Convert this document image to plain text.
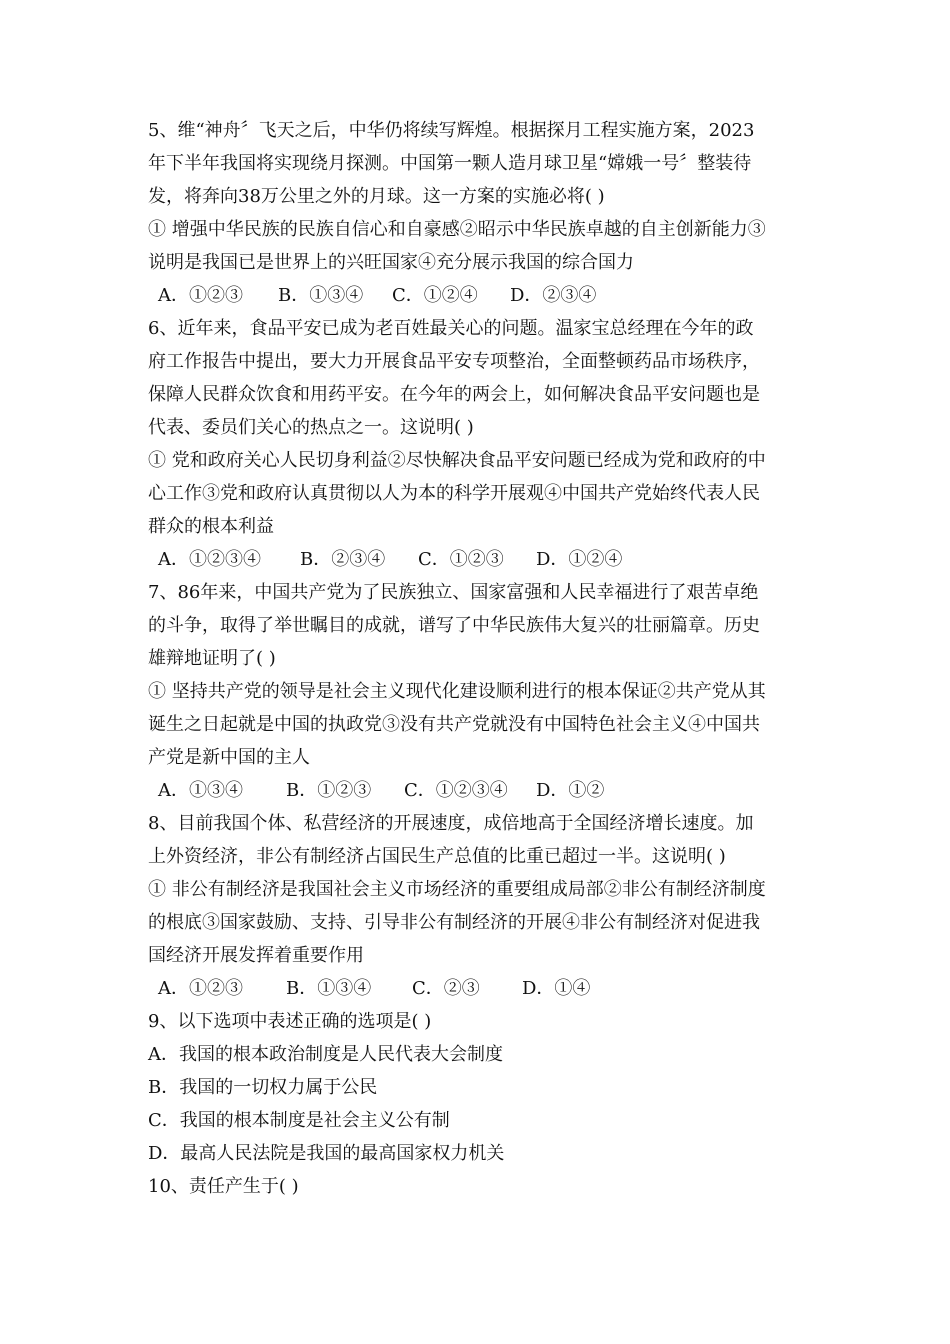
5、维“神舟〞飞天之后，中华仍将续写辉煌。根据探月工程实施方案，2023
年下半年我国将实现绕月探测。中国第一颗人造月球卫星“嫦娥一号〞整装待
发，将奔向38万公里之外的月球。这一方案的实施必将( )
① 增强中华民族的民族自信心和自豪感②昭示中华民族卓越的自主创新能力③
说明是我国已是世界上的兴旺国家④充分展示我国的综合国力
A．①②③ B．①③④ C．①②④ D．②③④
6、近年来，食品平安已成为老百姓最关心的问题。温家宝总经理在今年的政
府工作报告中提出，要大力开展食品平安专项整治，全面整顿药品市场秩序，
保障人民群众饮食和用药平安。在今年的两会上，如何解决食品平安问题也是
代表、委员们关心的热点之一。这说明( )
① 党和政府关心人民切身利益②尽快解决食品平安问题已经成为党和政府的中
心工作③党和政府认真贯彻以人为本的科学开展观④中国共产党始终代表人民
群众的根本利益
A．①②③④ B．②③④ C．①②③ D．①②④
7、86年来，中国共产党为了民族独立、国家富强和人民幸福进行了艰苦卓绝
的斗争，取得了举世瞩目的成就，谱写了中华民族伟大复兴的壮丽篇章。历史
雄辩地证明了( )
① 坚持共产党的领导是社会主义现代化建设顺利进行的根本保证②共产党从其
诞生之日起就是中国的执政党③没有共产党就没有中国特色社会主义④中国共
产党是新中国的主人
A．①③④ B．①②③ C．①②③④ D．①②
8、目前我国个体、私营经济的开展速度，成倍地高于全国经济增长速度。加
上外资经济，非公有制经济占国民生产总值的比重已超过一半。这说明( )
① 非公有制经济是我国社会主义市场经济的重要组成局部②非公有制经济制度
的根底③国家鼓励、支持、引导非公有制经济的开展④非公有制经济对促进我
国经济开展发挥着重要作用
A．①②③ B．①③④ C．②③ D．①④
9、以下选项中表述正确的选项是( )
A．我国的根本政治制度是人民代表大会制度
B．我国的一切权力属于公民
C．我国的根本制度是社会主义公有制
D．最高人民法院是我国的最高国家权力机关
10、责任产生于( )
